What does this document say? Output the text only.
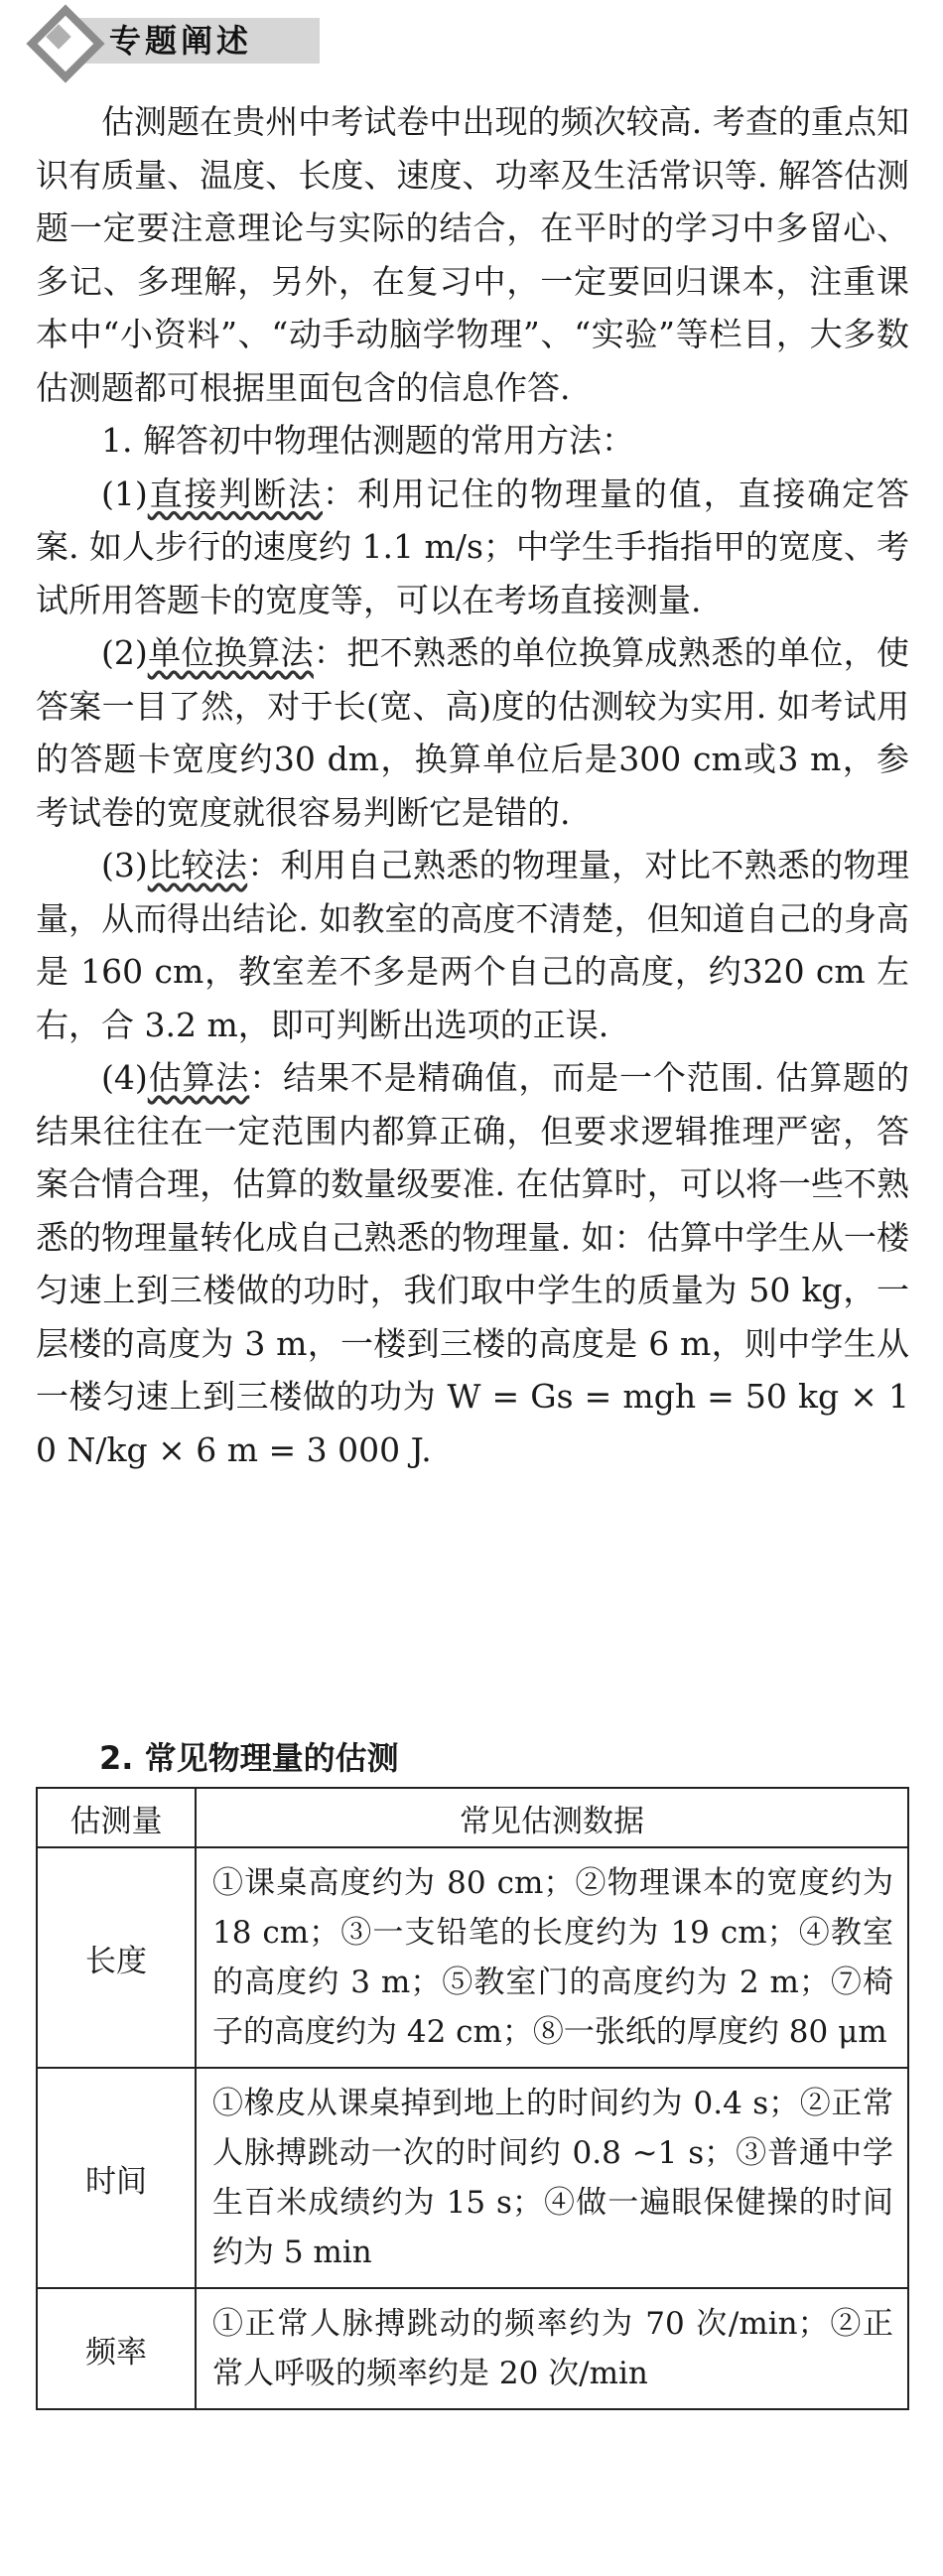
专题阐述

估测题在贵州中考试卷中出现的频次较高. 考查的重点知识有质量、温度、长度、速度、功率及生活常识等. 解答估测题一定要注意理论与实际的结合，在平时的学习中多留心、多记、多理解，另外，在复习中，一定要回归课本，注重课本中“小资料”、“动手动脑学物理”、“实验”等栏目，大多数估测题都可根据里面包含的信息作答.

1. 解答初中物理估测题的常用方法：

(1)直接判断法：利用记住的物理量的值，直接确定答案. 如人步行的速度约 1.1 m/s；中学生手指指甲的宽度、考试所用答题卡的宽度等，可以在考场直接测量.

(2)单位换算法：把不熟悉的单位换算成熟悉的单位，使答案一目了然，对于长(宽、高)度的估测较为实用. 如考试用的答题卡宽度约30 dm，换算单位后是300 cm或3 m，参考试卷的宽度就很容易判断它是错的.

(3)比较法：利用自己熟悉的物理量，对比不熟悉的物理量，从而得出结论. 如教室的高度不清楚，但知道自己的身高是 160 cm，教室差不多是两个自己的高度，约320 cm 左右，合 3.2 m，即可判断出选项的正误.

(4)估算法：结果不是精确值，而是一个范围. 估算题的结果往往在一定范围内都算正确，但要求逻辑推理严密，答案合情合理，估算的数量级要准. 在估算时，可以将一些不熟悉的物理量转化成自己熟悉的物理量. 如：估算中学生从一楼匀速上到三楼做的功时，我们取中学生的质量为 50 kg，一层楼的高度为 3 m，一楼到三楼的高度是 6 m，则中学生从一楼匀速上到三楼做的功为 W = Gs = mgh = 50 kg × 10 N/kg × 6 m = 3 000 J.

2. 常见物理量的估测
估测量	常见估测数据
长度	①课桌高度约为 80 cm；②物理课本的宽度约为 18 cm；③一支铅笔的长度约为 19 cm；④教室的高度约 3 m；⑤教室门的高度约为 2 m；⑦椅子的高度约为 42 cm；⑧一张纸的厚度约 80 μm
时间	①橡皮从课桌掉到地上的时间约为 0.4 s；②正常人脉搏跳动一次的时间约 0.8 ~1 s；③普通中学生百米成绩约为 15 s；④做一遍眼保健操的时间约为 5 min
频率	①正常人脉搏跳动的频率约为 70 次/min；②正常人呼吸的频率约是 20 次/min
